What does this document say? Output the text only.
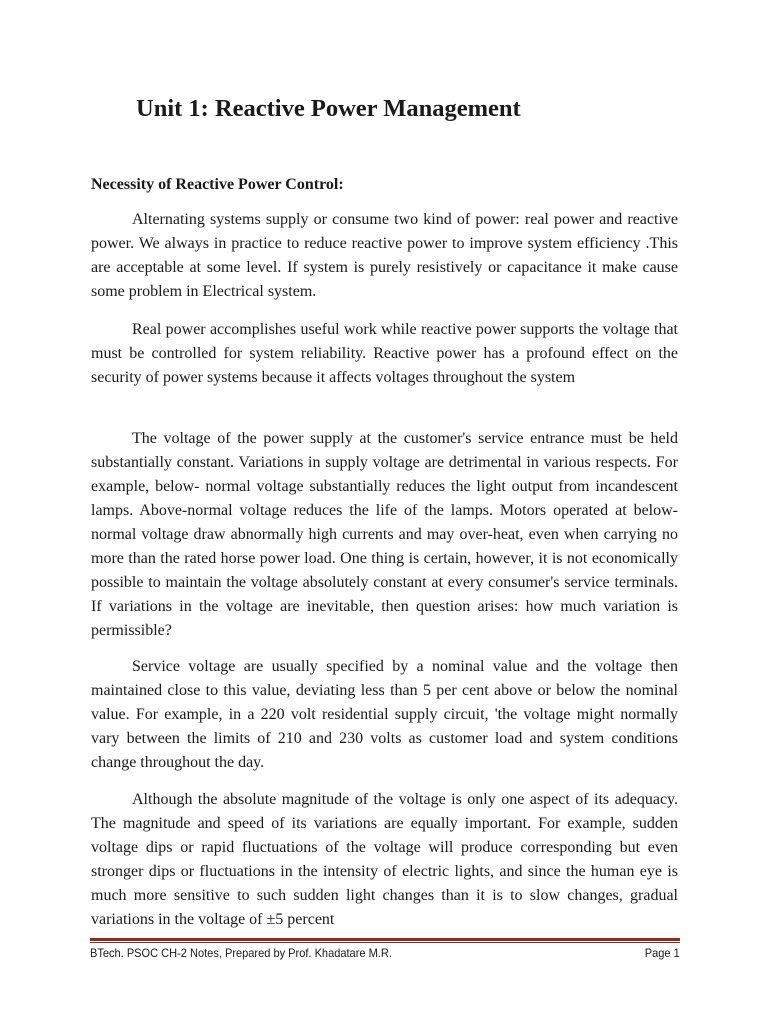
Unit 1: Reactive Power Management
Necessity of Reactive Power Control:

Alternating systems supply or consume two kind of power: real power and reactive power. We always in practice to reduce reactive power to improve system efficiency .This are acceptable at some level. If system is purely resistively or capacitance it make cause some problem in Electrical system.

Real power accomplishes useful work while reactive power supports the voltage that must be controlled for system reliability. Reactive power has a profound effect on the security of power systems because it affects voltages throughout the system

The voltage of the power supply at the customer's service entrance must be held substantially constant. Variations in supply voltage are detrimental in various respects. For example, below- normal voltage substantially reduces the light output from incandescent lamps. Above-normal voltage reduces the life of the lamps. Motors operated at below-normal voltage draw abnormally high currents and may over-heat, even when carrying no more than the rated horse power load. One thing is certain, however, it is not economically possible to maintain the voltage absolutely constant at every consumer's service terminals. If variations in the voltage are inevitable, then question arises: how much variation is permissible?

Service voltage are usually specified by a nominal value and the voltage then maintained close to this value, deviating less than 5 per cent above or below the nominal value. For example, in a 220 volt residential supply circuit, 'the voltage might normally vary between the limits of 210 and 230 volts as customer load and system conditions change throughout the day.

Although the absolute magnitude of the voltage is only one aspect of its adequacy. The magnitude and speed of its variations are equally important. For example, sudden voltage dips or rapid fluctuations of the voltage will produce corresponding but even stronger dips or fluctuations in the intensity of electric lights, and since the human eye is much more sensitive to such sudden light changes than it is to slow changes, gradual variations in the voltage of ±5 percent

BTech. PSOC CH-2 Notes, Prepared by Prof. Khadatare M.R.	Page 1
